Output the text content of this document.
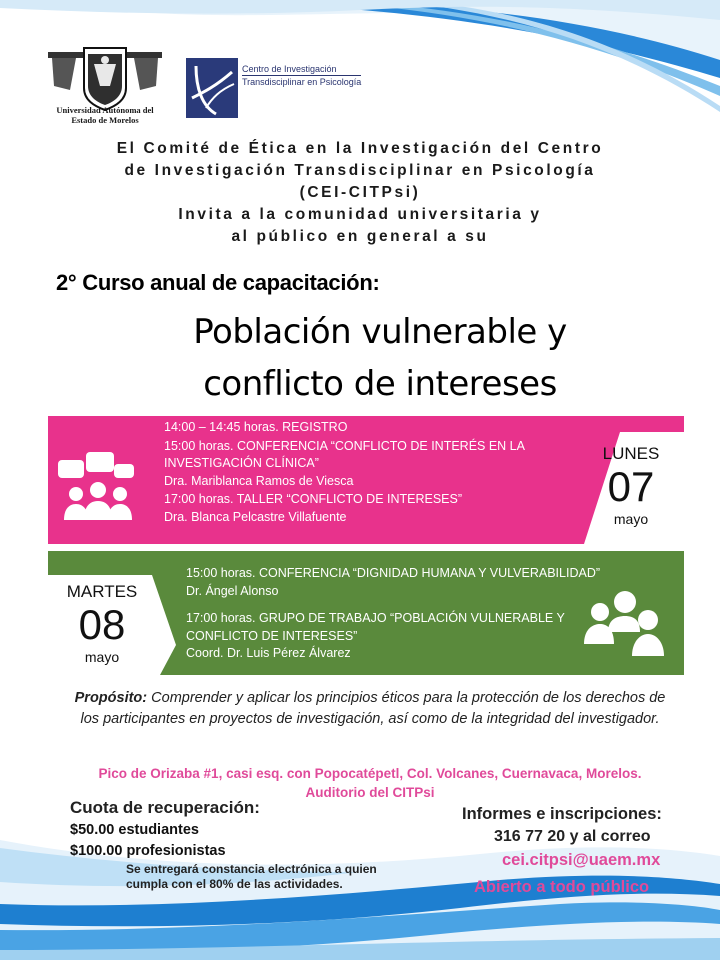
Universidad Autónoma del
Estado de Morelos
Centro de Investigación
Transdisciplinar en Psicología
El Comité de Ética en la Investigación del Centro
de Investigación Transdisciplinar en Psicología
(CEI-CITPsi)
Invita a la comunidad universitaria y
al público en general a su
2° Curso anual de capacitación:
Población vulnerable y
conflicto de intereses
14:00 – 14:45 horas. REGISTRO
15:00 horas. CONFERENCIA “CONFLICTO DE INTERÉS EN LA
INVESTIGACIÓN CLÍNICA”
Dra. Mariblanca Ramos de Viesca
17:00 horas. TALLER “CONFLICTO DE INTERESES”
Dra. Blanca Pelcastre Villafuente
LUNES
07
mayo
15:00 horas. CONFERENCIA “DIGNIDAD HUMANA Y VULVERABILIDAD”
Dr. Ángel Alonso
17:00 horas. GRUPO DE TRABAJO “POBLACIÓN VULNERABLE Y
CONFLICTO DE INTERESES”
Coord. Dr. Luis Pérez Álvarez
MARTES
08
mayo
Propósito: Comprender y aplicar los principios éticos para la protección de los derechos de los participantes en proyectos de investigación, así como de la integridad del investigador.
Pico de Orizaba #1, casi esq. con Popocatépetl, Col. Volcanes, Cuernavaca, Morelos.
Auditorio del CITPsi
Cuota de recuperación:
$50.00 estudiantes
$100.00 profesionistas
Se entregará constancia electrónica a quien cumpla con el 80% de las actividades.
Informes e inscripciones:
316 77 20 y al correo
cei.citpsi@uaem.mx
Abierto a todo público
